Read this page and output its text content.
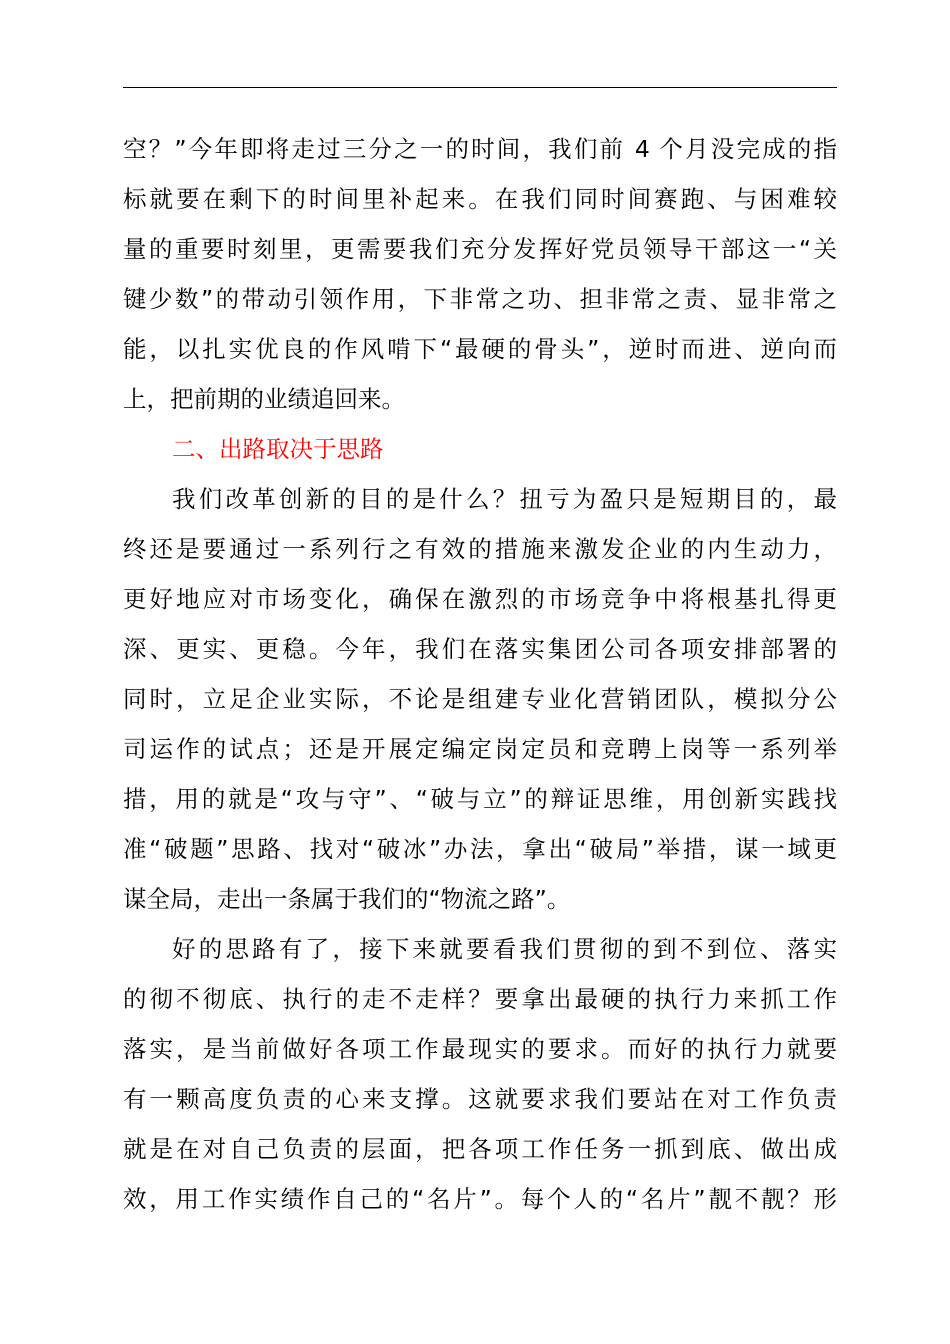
空？”今年即将走过三分之一的时间，我们前 4 个月没完成的指
标就要在剩下的时间里补起来。在我们同时间赛跑、与困难较
量的重要时刻里，更需要我们充分发挥好党员领导干部这一“关
键少数”的带动引领作用，下非常之功、担非常之责、显非常之
能，以扎实优良的作风啃下“最硬的骨头”，逆时而进、逆向而
上，把前期的业绩追回来。
二、出路取决于思路
我们改革创新的目的是什么？扭亏为盈只是短期目的，最
终还是要通过一系列行之有效的措施来激发企业的内生动力，
更好地应对市场变化，确保在激烈的市场竞争中将根基扎得更
深、更实、更稳。今年，我们在落实集团公司各项安排部署的
同时，立足企业实际，不论是组建专业化营销团队，模拟分公
司运作的试点；还是开展定编定岗定员和竞聘上岗等一系列举
措，用的就是“攻与守”、“破与立”的辩证思维，用创新实践找
准“破题”思路、找对“破冰”办法，拿出“破局”举措，谋一域更
谋全局，走出一条属于我们的“物流之路”。
好的思路有了，接下来就要看我们贯彻的到不到位、落实
的彻不彻底、执行的走不走样？要拿出最硬的执行力来抓工作
落实，是当前做好各项工作最现实的要求。而好的执行力就要
有一颗高度负责的心来支撑。这就要求我们要站在对工作负责
就是在对自己负责的层面，把各项工作任务一抓到底、做出成
效，用工作实绩作自己的“名片”。每个人的“名片”靓不靓？形
